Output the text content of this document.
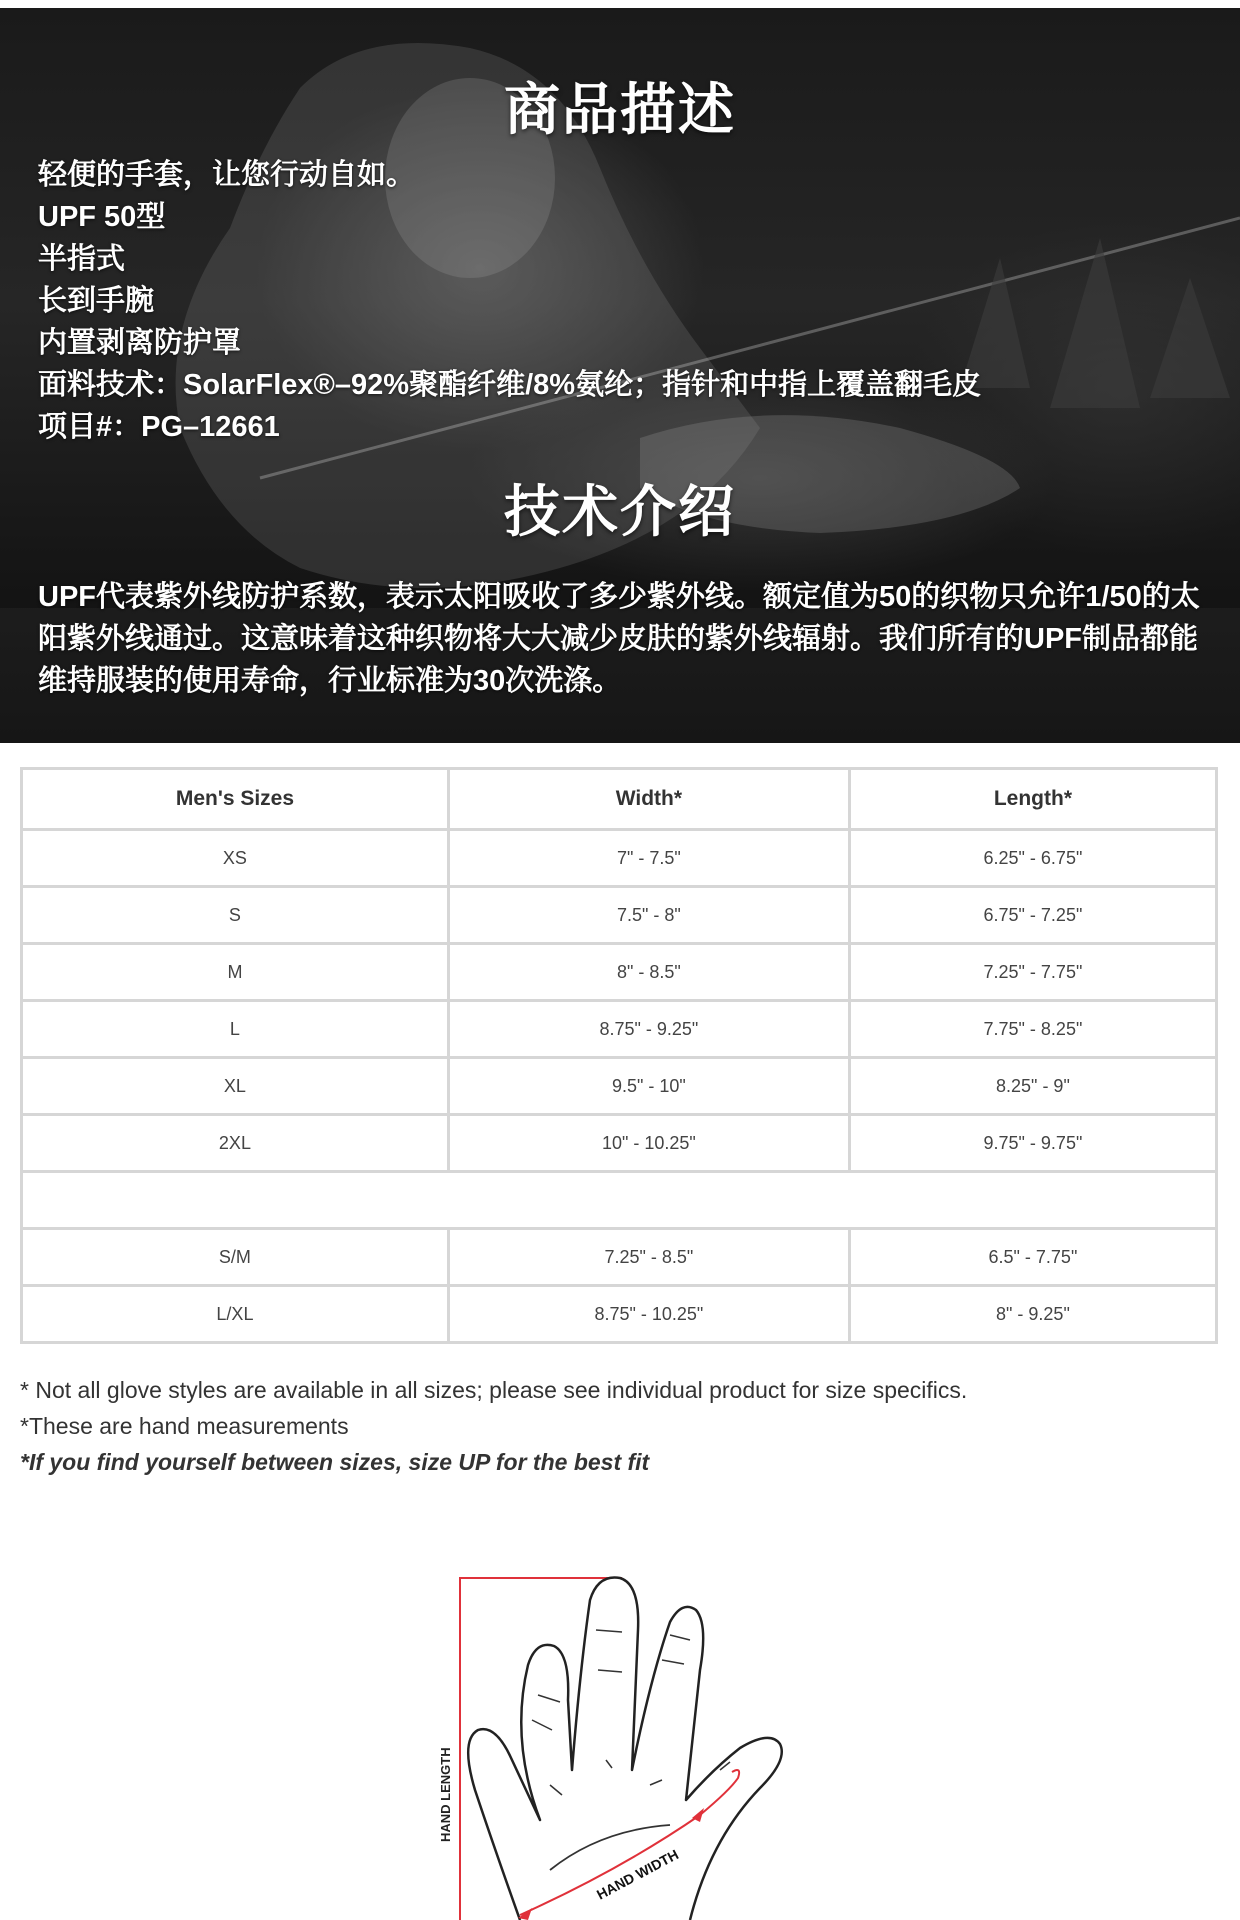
商品描述
轻便的手套，让您行动自如。
UPF 50型
半指式
长到手腕
内置剥离防护罩
面料技术：SolarFlex®–92%聚酯纤维/8%氨纶；指针和中指上覆盖翻毛皮
项目#：PG–12661
技术介绍

UPF代表紫外线防护系数，表示太阳吸收了多少紫外线。额定值为50的织物只允许1/50的太阳紫外线通过。这意味着这种织物将大大减少皮肤的紫外线辐射。我们所有的UPF制品都能维持服装的使用寿命，行业标准为30次洗涤。

Men's Sizes	Width*	Length*
XS	7" - 7.5"	6.25" - 6.75"
S	7.5" - 8"	6.75" - 7.25"
M	8" - 8.5"	7.25" - 7.75"
L	8.75" - 9.25"	7.75" - 8.25"
XL	9.5" - 10"	8.25" - 9"
2XL	10" - 10.25"	9.75" - 9.75"

S/M	7.25" - 8.5"	6.5" - 7.75"
L/XL	8.75" - 10.25"	8" - 9.25"
* Not all glove styles are available in all sizes; please see individual product for size specifics.
*These are hand measurements
*If you find yourself between sizes, size UP for the best fit
HAND LENGTH
HAND WIDTH
